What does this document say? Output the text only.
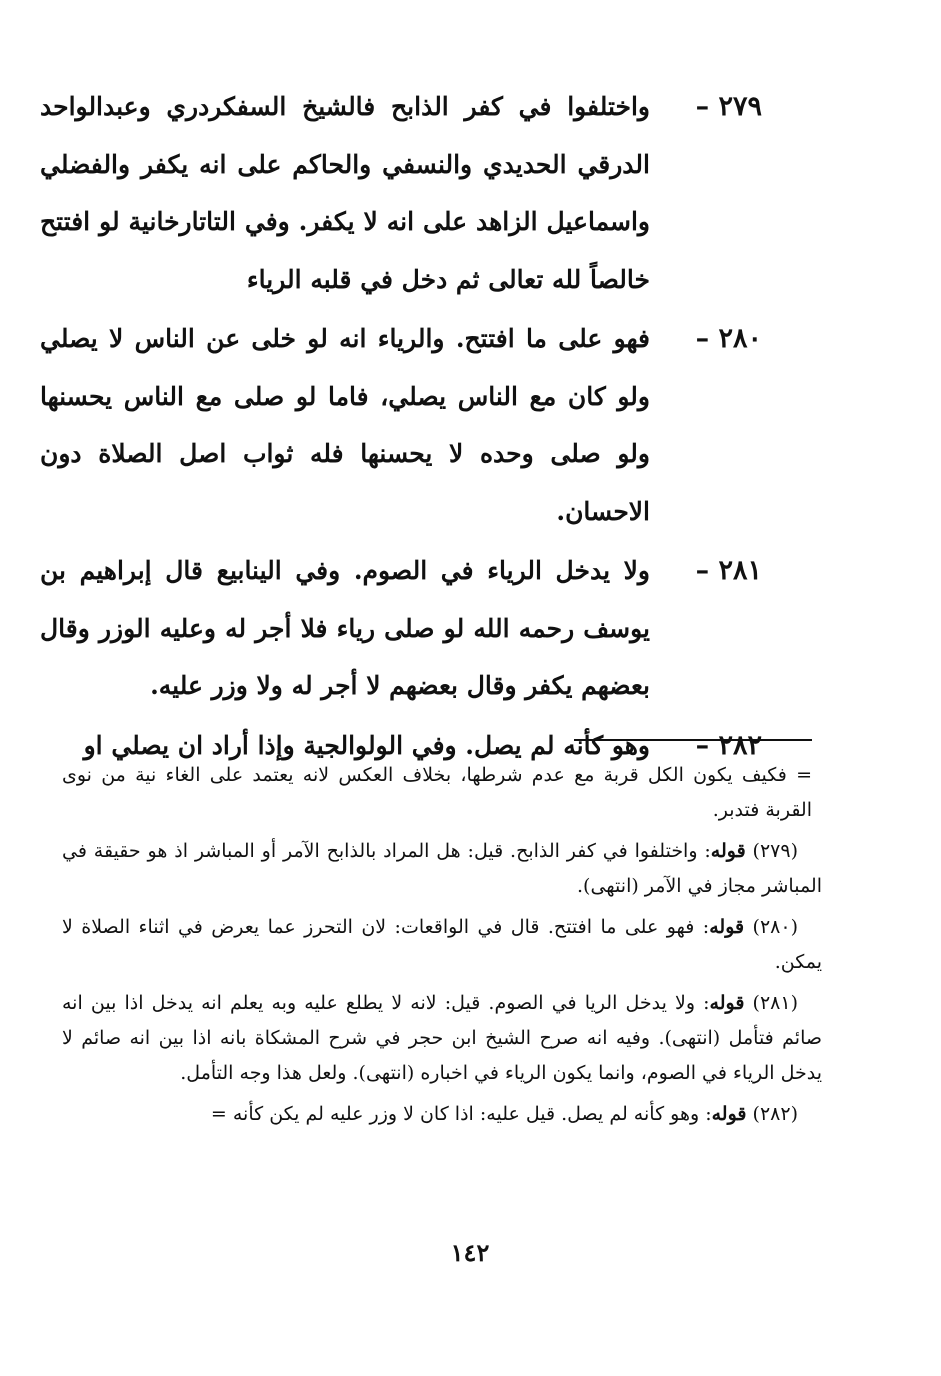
٢٧٩ –

واختلفوا في كفر الذابح فالشيخ السفكردري وعبدالواحد الدرقي الحديدي والنسفي والحاكم على انه يكفر والفضلي واسماعيل الزاهد على انه لا يكفر. وفي التاتارخانية لو افتتح خالصاً لله تعالى ثم دخل في قلبه الرياء

٢٨٠ –

فهو على ما افتتح. والرياء انه لو خلى عن الناس لا يصلي ولو كان مع الناس يصلي، فاما لو صلى مع الناس يحسنها ولو صلى وحده لا يحسنها فله ثواب اصل الصلاة دون الاحسان.

٢٨١ –

ولا يدخل الرياء في الصوم. وفي الينابيع قال إبراهيم بن يوسف رحمه الله لو صلى رياء فلا أجر له وعليه الوزر وقال بعضهم يكفر وقال بعضهم لا أجر له ولا وزر عليه.

٢٨٢ –

وهو كأنه لم يصل. وفي الولوالجية وإذا أراد ان يصلي او

= فكيف يكون الكل قربة مع عدم شرطها، بخلاف العكس لانه يعتمد على الغاء نية من نوى القربة فتدبر.

(٢٧٩) قوله: واختلفوا في كفر الذابح. قيل: هل المراد بالذابح الآمر أو المباشر اذ هو حقيقة في المباشر مجاز في الآمر (انتهى).

(٢٨٠) قوله: فهو على ما افتتح. قال في الواقعات: لان التحرز عما يعرض في اثناء الصلاة لا يمكن.

(٢٨١) قوله: ولا يدخل الريا في الصوم. قيل: لانه لا يطلع عليه وبه يعلم انه يدخل اذا بين انه صائم فتأمل (انتهى). وفيه انه صرح الشيخ ابن حجر في شرح المشكاة بانه اذا بين انه صائم لا يدخل الرياء في الصوم، وانما يكون الرياء في اخباره (انتهى). ولعل هذا وجه التأمل.

(٢٨٢) قوله: وهو كأنه لم يصل. قيل عليه: اذا كان لا وزر عليه لم يكن كأنه =

١٤٢
